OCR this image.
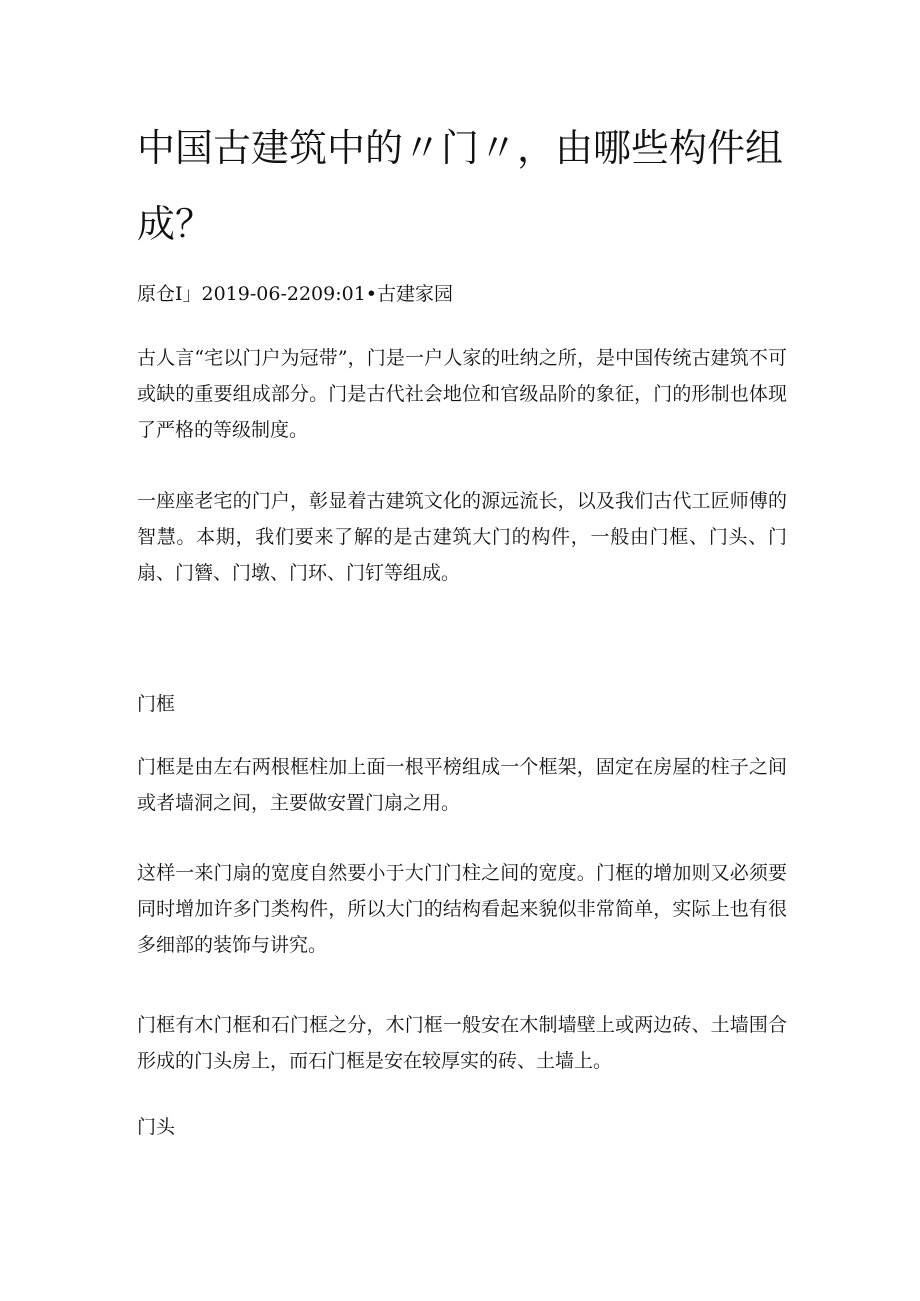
中国古建筑中的〃门〃，由哪些构件组成？

原仓I」2019-06-2209:01•古建家园

古人言“宅以门户为冠带”，门是一户人家的吐纳之所，是中国传统古建筑不可或缺的重要组成部分。门是古代社会地位和官级品阶的象征，门的形制也体现了严格的等级制度。

一座座老宅的门户，彰显着古建筑文化的源远流长，以及我们古代工匠师傅的智慧。本期，我们要来了解的是古建筑大门的构件，一般由门框、门头、门扇、门簪、门墩、门环、门钉等组成。

门框

门框是由左右两根框柱加上面一根平榜组成一个框架，固定在房屋的柱子之间或者墙洞之间，主要做安置门扇之用。

这样一来门扇的宽度自然要小于大门门柱之间的宽度。门框的增加则又必须要同时增加许多门类构件，所以大门的结构看起来貌似非常简单，实际上也有很多细部的装饰与讲究。

门框有木门框和石门框之分，木门框一般安在木制墙壁上或两边砖、土墙围合形成的门头房上，而石门框是安在较厚实的砖、土墙上。

门头
